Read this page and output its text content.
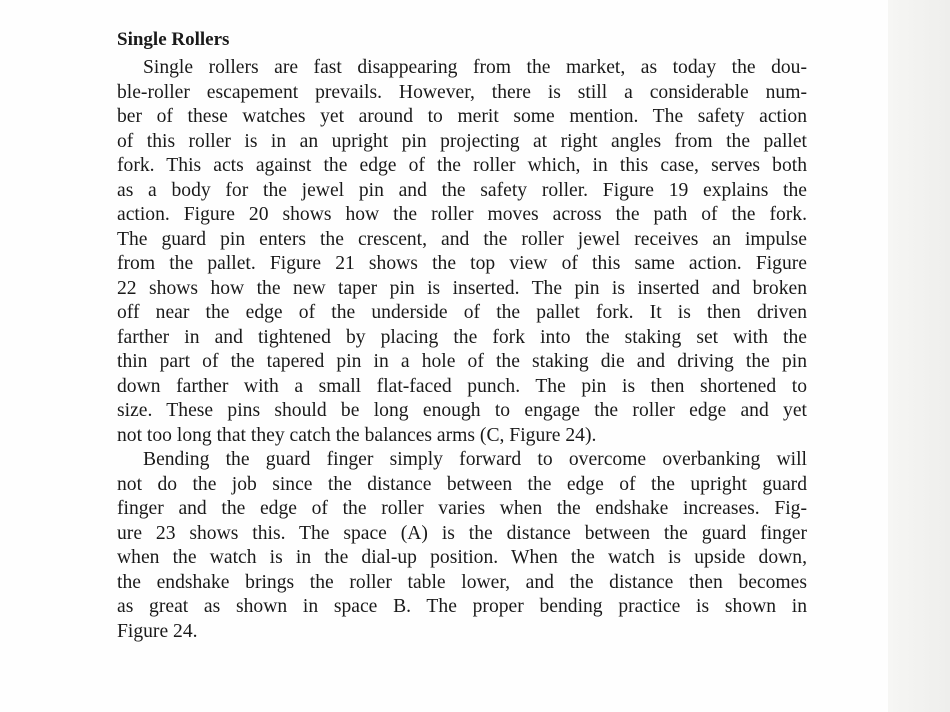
Single Rollers
Single rollers are fast disappearing from the market, as today the dou-
ble-roller escapement prevails. However, there is still a considerable num-
ber of these watches yet around to merit some mention. The safety action
of this roller is in an upright pin projecting at right angles from the pallet
fork. This acts against the edge of the roller which, in this case, serves both
as a body for the jewel pin and the safety roller. Figure 19 explains the
action. Figure 20 shows how the roller moves across the path of the fork.
The guard pin enters the crescent, and the roller jewel receives an impulse
from the pallet. Figure 21 shows the top view of this same action. Figure
22 shows how the new taper pin is inserted. The pin is inserted and broken
off near the edge of the underside of the pallet fork. It is then driven
farther in and tightened by placing the fork into the staking set with the
thin part of the tapered pin in a hole of the staking die and driving the pin
down farther with a small flat-faced punch. The pin is then shortened to
size. These pins should be long enough to engage the roller edge and yet
not too long that they catch the balances arms (C, Figure 24).
Bending the guard finger simply forward to overcome overbanking will
not do the job since the distance between the edge of the upright guard
finger and the edge of the roller varies when the endshake increases. Fig-
ure 23 shows this. The space (A) is the distance between the guard finger
when the watch is in the dial-up position. When the watch is upside down,
the endshake brings the roller table lower, and the distance then becomes
as great as shown in space B. The proper bending practice is shown in
Figure 24.
